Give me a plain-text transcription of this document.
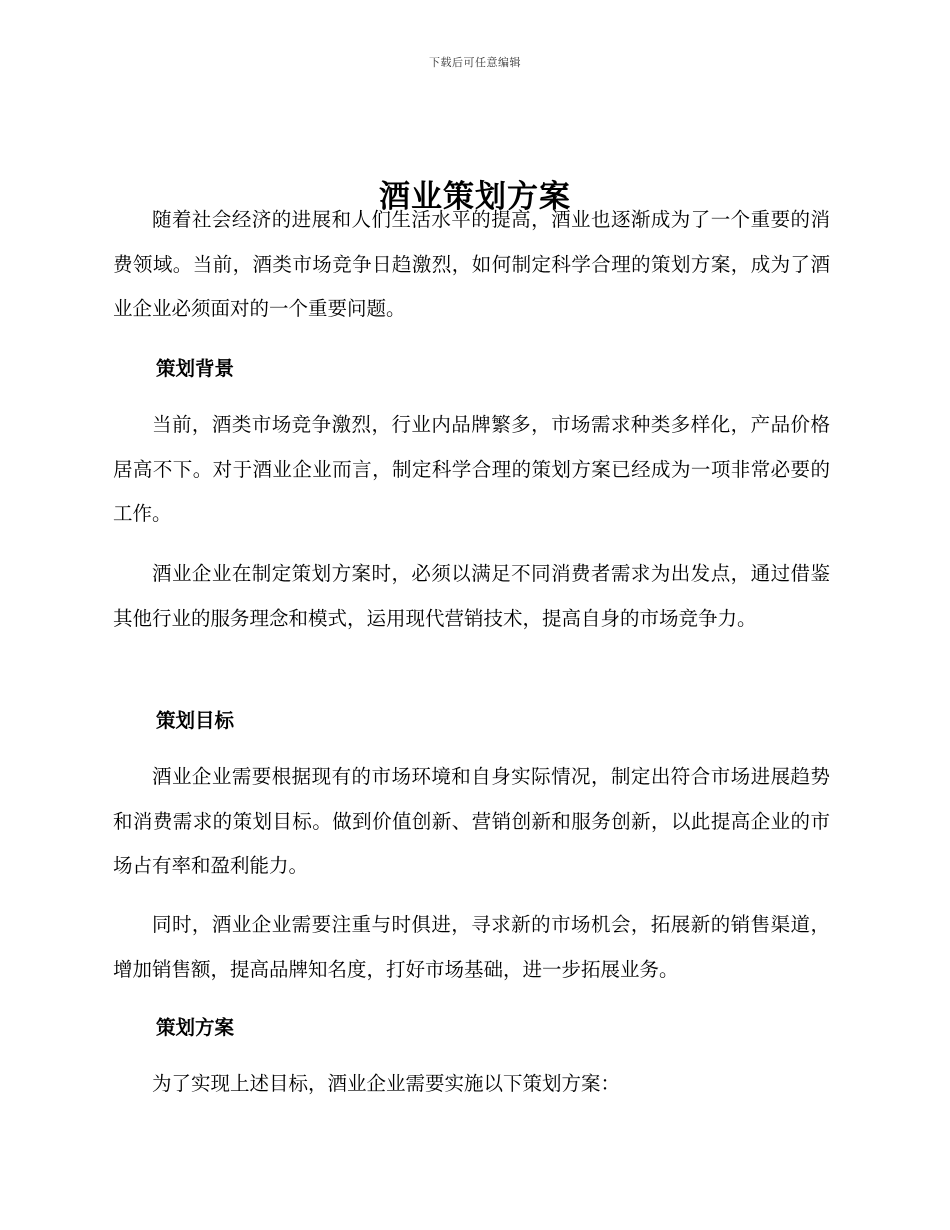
下载后可任意编辑
酒业策划方案

随着社会经济的进展和人们生活水平的提高，酒业也逐渐成为了一个重要的消费领域。当前，酒类市场竞争日趋激烈，如何制定科学合理的策划方案，成为了酒业企业必须面对的一个重要问题。

策划背景

当前，酒类市场竞争激烈，行业内品牌繁多，市场需求种类多样化，产品价格居高不下。对于酒业企业而言，制定科学合理的策划方案已经成为一项非常必要的工作。

酒业企业在制定策划方案时，必须以满足不同消费者需求为出发点，通过借鉴其他行业的服务理念和模式，运用现代营销技术，提高自身的市场竞争力。

策划目标

酒业企业需要根据现有的市场环境和自身实际情况，制定出符合市场进展趋势和消费需求的策划目标。做到价值创新、营销创新和服务创新，以此提高企业的市场占有率和盈利能力。

同时，酒业企业需要注重与时俱进，寻求新的市场机会，拓展新的销售渠道，增加销售额，提高品牌知名度，打好市场基础，进一步拓展业务。

策划方案

为了实现上述目标，酒业企业需要实施以下策划方案：
